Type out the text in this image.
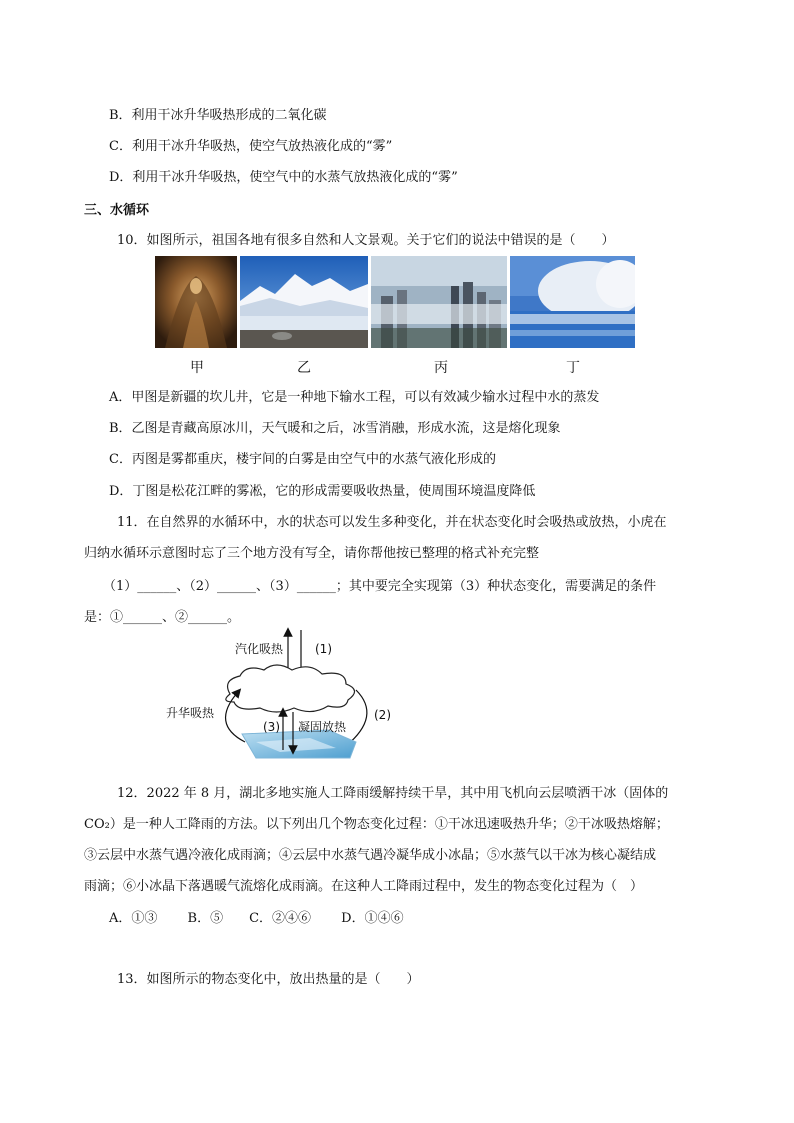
B．利用干冰升华吸热形成的二氧化碳
C．利用干冰升华吸热，使空气放热液化成的“雾”
D．利用干冰升华吸热，使空气中的水蒸气放热液化成的“雾”
三、水循环
10．如图所示，祖国各地有很多自然和人文景观。关于它们的说法中错误的是（　　）
甲	乙	丙	丁
A．甲图是新疆的坎儿井，它是一种地下输水工程，可以有效减少输水过程中水的蒸发
B．乙图是青藏高原冰川，天气暖和之后，冰雪消融，形成水流，这是熔化现象
C．丙图是雾都重庆，楼宇间的白雾是由空气中的水蒸气液化形成的
D．丁图是松花江畔的雾凇，它的形成需要吸收热量，使周围环境温度降低
11．在自然界的水循环中，水的状态可以发生多种变化，并在状态变化时会吸热或放热，小虎在
归纳水循环示意图时忘了三个地方没有写全，请你帮他按已整理的格式补充完整
（1）______、（2）______、（3）______；其中要完全实现第（3）种状态变化，需要满足的条件
是：①______、②______。
汽化吸热	(1)
升华吸热	(2)
(3) 凝固放热
12．2022 年 8 月，湖北多地实施人工降雨缓解持续干旱，其中用飞机向云层喷洒干冰（固体的
CO₂）是一种人工降雨的方法。以下列出几个物态变化过程：①干冰迅速吸热升华；②干冰吸热熔解；
③云层中水蒸气遇冷液化成雨滴；④云层中水蒸气遇冷凝华成小冰晶；⑤水蒸气以干冰为核心凝结成
雨滴；⑥小冰晶下落遇暖气流熔化成雨滴。在这种人工降雨过程中，发生的物态变化过程为（　）
A．①③　　 B．⑤　　C．②④⑥　　 D．①④⑥
13．如图所示的物态变化中，放出热量的是（　　）
